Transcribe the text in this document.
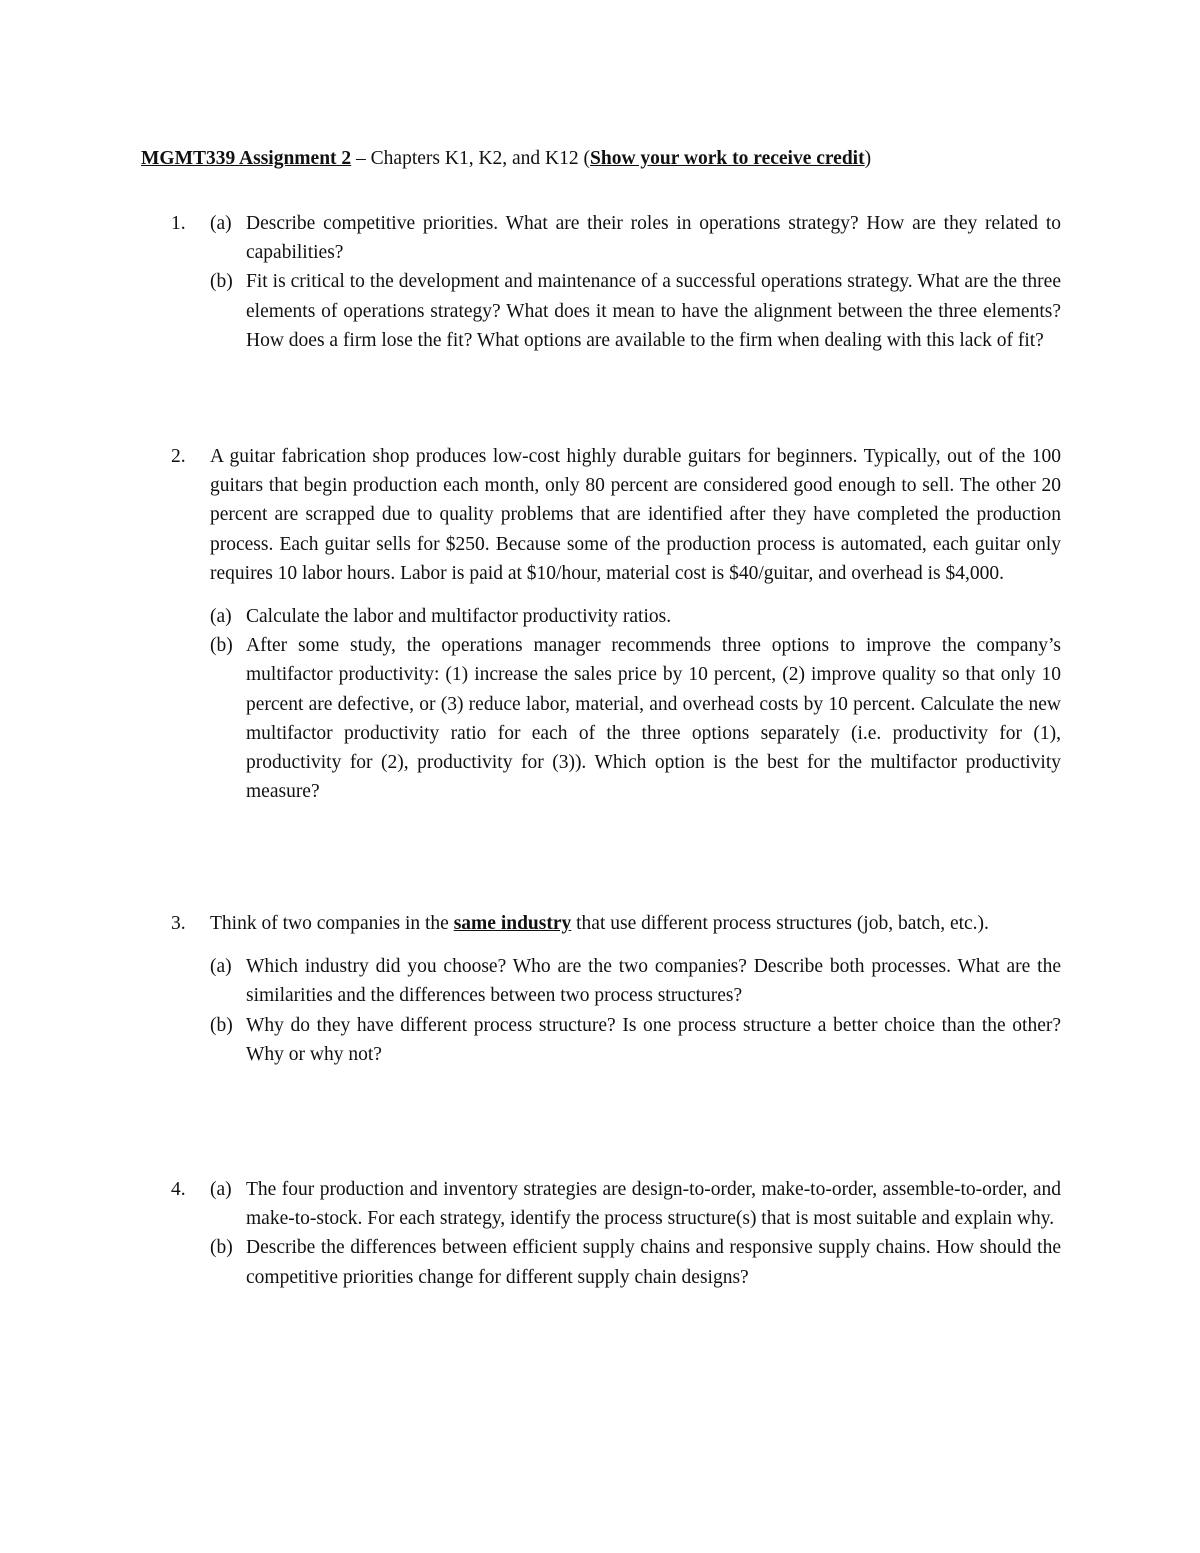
MGMT339 Assignment 2 – Chapters K1, K2, and K12 (Show your work to receive credit)
1.	(a) Describe competitive priorities. What are their roles in operations strategy? How are they related to capabilities?
(b) Fit is critical to the development and maintenance of a successful operations strategy. What are the three elements of operations strategy? What does it mean to have the alignment between the three elements? How does a firm lose the fit? What options are available to the firm when dealing with this lack of fit?
2.	A guitar fabrication shop produces low-cost highly durable guitars for beginners. Typically, out of the 100 guitars that begin production each month, only 80 percent are considered good enough to sell. The other 20 percent are scrapped due to quality problems that are identified after they have completed the production process. Each guitar sells for $250. Because some of the production process is automated, each guitar only requires 10 labor hours. Labor is paid at $10/hour, material cost is $40/guitar, and overhead is $4,000.
(a) Calculate the labor and multifactor productivity ratios.
(b) After some study, the operations manager recommends three options to improve the company’s multifactor productivity: (1) increase the sales price by 10 percent, (2) improve quality so that only 10 percent are defective, or (3) reduce labor, material, and overhead costs by 10 percent. Calculate the new multifactor productivity ratio for each of the three options separately (i.e. productivity for (1), productivity for (2), productivity for (3)). Which option is the best for the multifactor productivity measure?
3.	Think of two companies in the same industry that use different process structures (job, batch, etc.).
(a) Which industry did you choose? Who are the two companies? Describe both processes. What are the similarities and the differences between two process structures?
(b) Why do they have different process structure? Is one process structure a better choice than the other? Why or why not?
4.	(a) The four production and inventory strategies are design-to-order, make-to-order, assemble-to-order, and make-to-stock. For each strategy, identify the process structure(s) that is most suitable and explain why.
(b) Describe the differences between efficient supply chains and responsive supply chains. How should the competitive priorities change for different supply chain designs?
